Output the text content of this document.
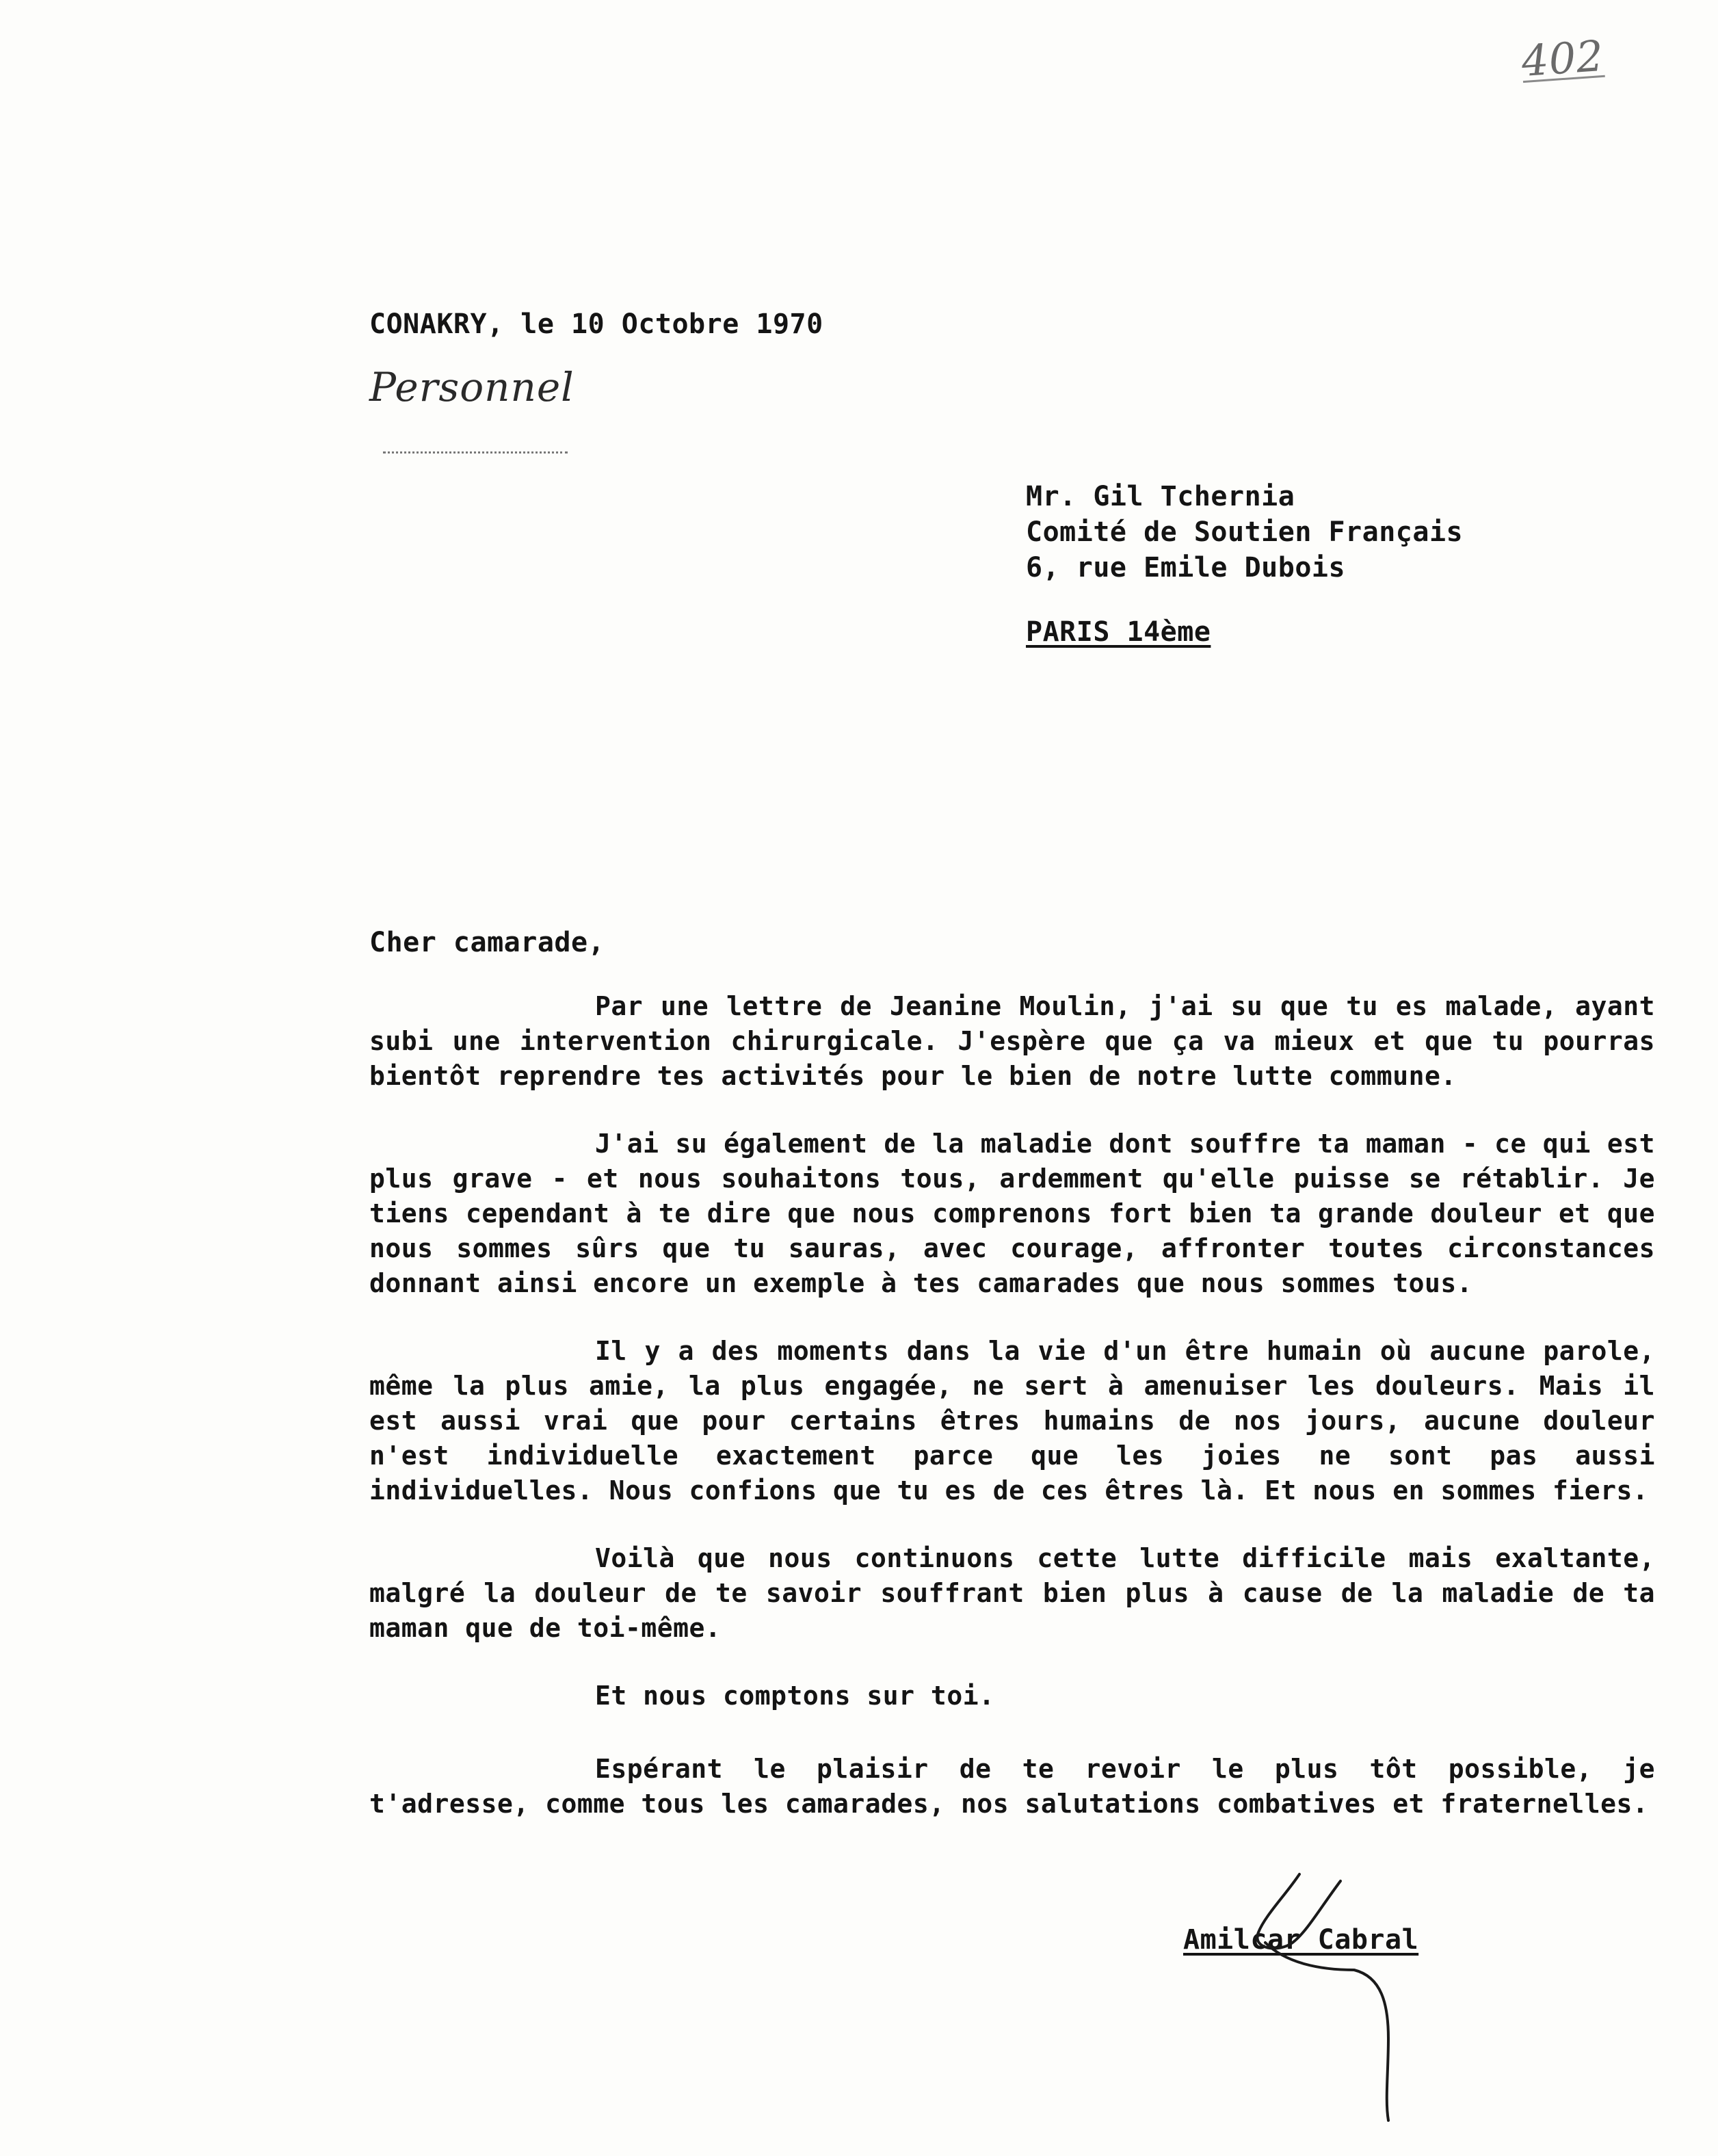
402
CONAKRY, le 10 Octobre 1970
Personnel
Mr. Gil Tchernia
Comité de Soutien Français
6, rue Emile Dubois
PARIS 14ème
Cher camarade,

Par une lettre de Jeanine Moulin, j'ai su que tu es malade, ayant subi une intervention chirurgicale. J'espère que ça va mieux et que tu pourras bientôt reprendre tes activités pour le bien de notre lutte commune.

J'ai su également de la maladie dont souffre ta maman - ce qui est plus grave - et nous souhaitons tous, ardemment qu'elle puisse se rétablir. Je tiens cependant à te dire que nous comprenons fort bien ta grande douleur et que nous sommes sûrs que tu sauras, avec courage, affronter toutes circonstances donnant ainsi encore un exemple à tes camarades que nous sommes tous.

Il y a des moments dans la vie d'un être humain où aucune parole, même la plus amie, la plus engagée, ne sert à amenuiser les douleurs. Mais il est aussi vrai que pour certains êtres humains de nos jours, aucune douleur n'est individuelle exactement parce que les joies ne sont pas aussi individuelles. Nous confions que tu es de ces êtres là. Et nous en sommes fiers.

Voilà que nous continuons cette lutte difficile mais exaltante, malgré la douleur de te savoir souffrant bien plus à cause de la maladie de ta maman que de toi-même.

Et nous comptons sur toi.

Espérant le plaisir de te revoir le plus tôt possible, je t'adresse, comme tous les camarades, nos salutations combatives et fraternelles.

Amilcar Cabral
